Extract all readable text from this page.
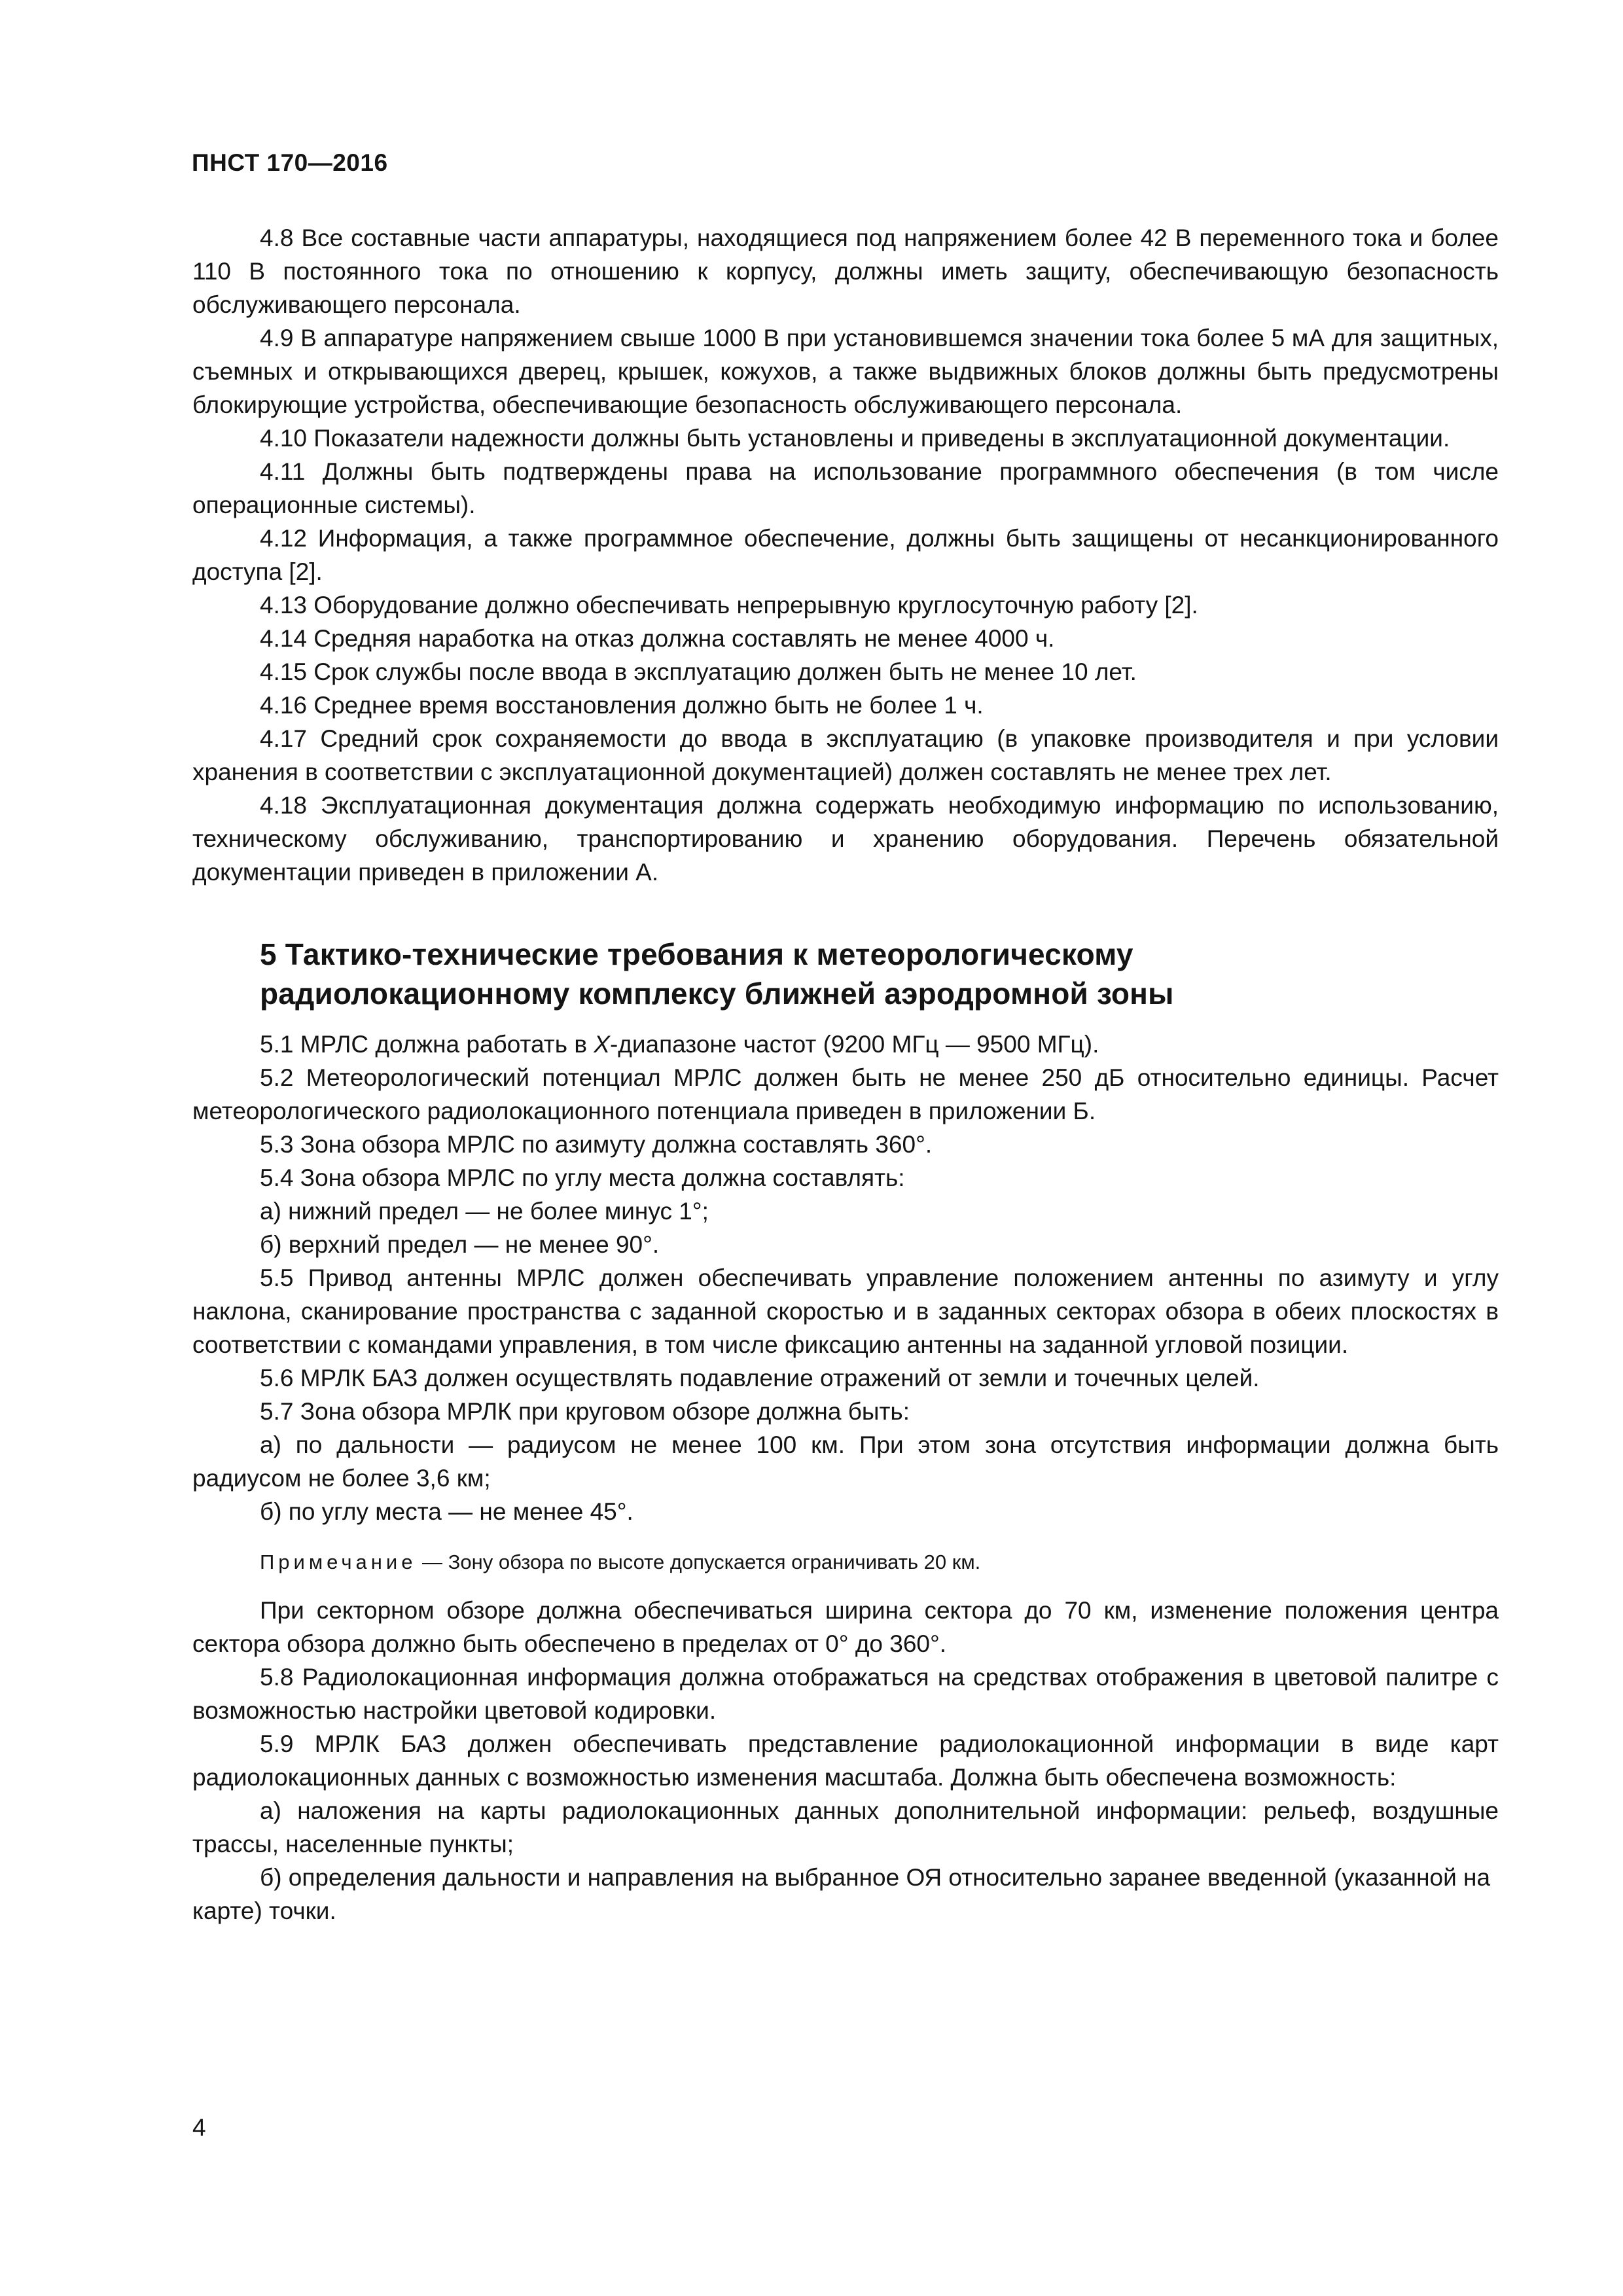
ПНСТ 170—2016

4.8 Все составные части аппаратуры, находящиеся под напряжением более 42 В переменного тока и более 110 В постоянного тока по отношению к корпусу, должны иметь защиту, обеспечивающую безопасность обслуживающего персонала.

4.9 В аппаратуре напряжением свыше 1000 В при установившемся значении тока более 5 мА для защитных, съемных и открывающихся дверец, крышек, кожухов, а также выдвижных блоков должны быть предусмотрены блокирующие устройства, обеспечивающие безопасность обслуживающего персонала.

4.10 Показатели надежности должны быть установлены и приведены в эксплуатационной документации.

4.11 Должны быть подтверждены права на использование программного обеспечения (в том числе операционные системы).

4.12 Информация, а также программное обеспечение, должны быть защищены от несанкционированного доступа [2].

4.13 Оборудование должно обеспечивать непрерывную круглосуточную работу [2].

4.14 Средняя наработка на отказ должна составлять не менее 4000 ч.

4.15 Срок службы после ввода в эксплуатацию должен быть не менее 10 лет.

4.16 Среднее время восстановления должно быть не более 1 ч.

4.17 Средний срок сохраняемости до ввода в эксплуатацию (в упаковке производителя и при условии хранения в соответствии с эксплуатационной документацией) должен составлять не менее трех лет.

4.18 Эксплуатационная документация должна содержать необходимую информацию по использованию, техническому обслуживанию, транспортированию и хранению оборудования. Перечень обязательной документации приведен в приложении А.

5 Тактико-технические требования к метеорологическому
радиолокационному комплексу ближней аэродромной зоны

5.1 МРЛС должна работать в Х-диапазоне частот (9200 МГц — 9500 МГц).

5.2 Метеорологический потенциал МРЛС должен быть не менее 250 дБ относительно единицы. Расчет метеорологического радиолокационного потенциала приведен в приложении Б.

5.3 Зона обзора МРЛС по азимуту должна составлять 360°.

5.4 Зона обзора МРЛС по углу места должна составлять:

а) нижний предел — не более минус 1°;

б) верхний предел — не менее 90°.

5.5 Привод антенны МРЛС должен обеспечивать управление положением антенны по азимуту и углу наклона, сканирование пространства с заданной скоростью и в заданных секторах обзора в обеих плоскостях в соответствии с командами управления, в том числе фиксацию антенны на заданной угловой позиции.

5.6 МРЛК БАЗ должен осуществлять подавление отражений от земли и точечных целей.

5.7 Зона обзора МРЛК при круговом обзоре должна быть:

а) по дальности — радиусом не менее 100 км. При этом зона отсутствия информации должна быть радиусом не более 3,6 км;

б) по углу места — не менее 45°.

Примечание — Зону обзора по высоте допускается ограничивать 20 км.

При секторном обзоре должна обеспечиваться ширина сектора до 70 км, изменение положения центра сектора обзора должно быть обеспечено в пределах от 0° до 360°.

5.8 Радиолокационная информация должна отображаться на средствах отображения в цветовой палитре с возможностью настройки цветовой кодировки.

5.9 МРЛК БАЗ должен обеспечивать представление радиолокационной информации в виде карт радиолокационных данных с возможностью изменения масштаба. Должна быть обеспечена возможность:

а) наложения на карты радиолокационных данных дополнительной информации: рельеф, воздушные трассы, населенные пункты;

б) определения дальности и направления на выбранное ОЯ относительно заранее введенной (указанной на карте) точки.

4
